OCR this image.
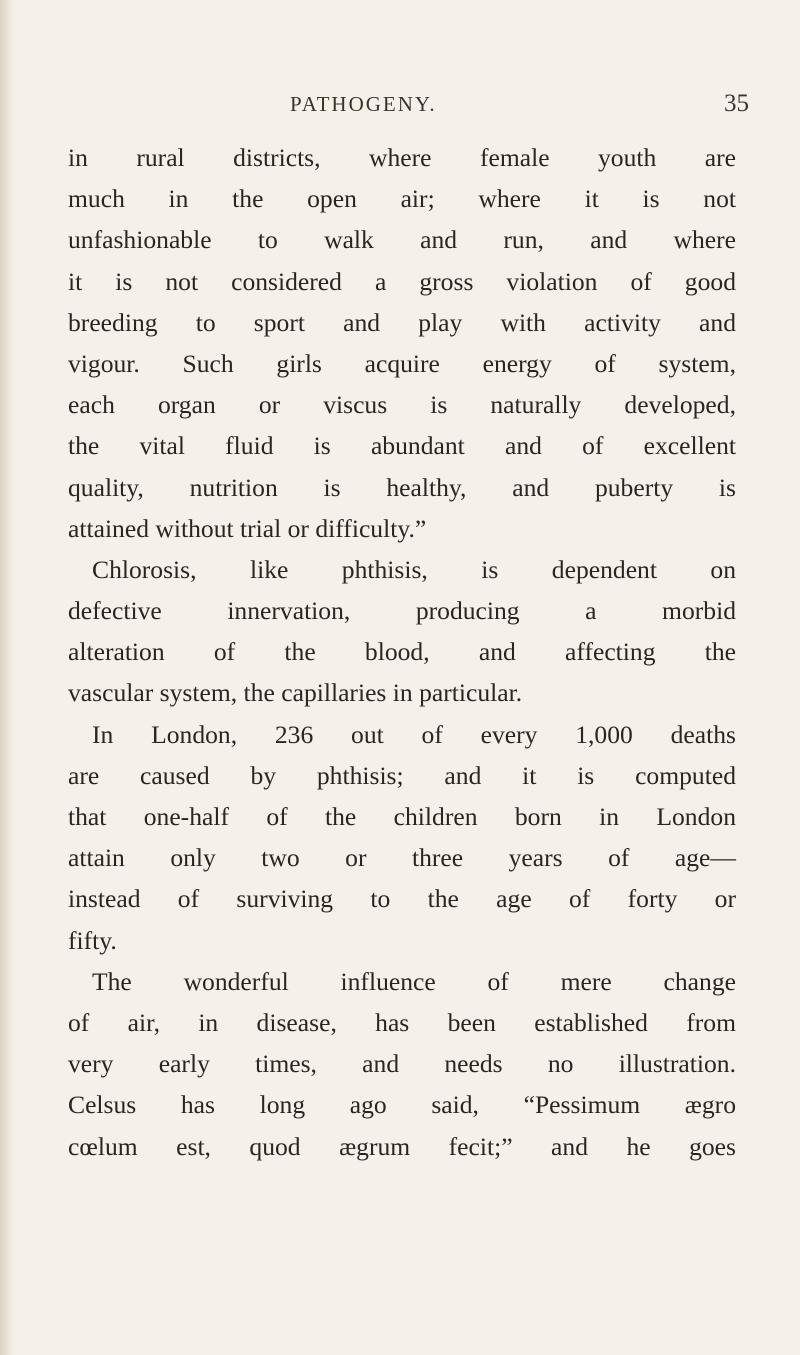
PATHOGENY.	35
in rural districts, where female youth are
much in the open air; where it is not
unfashionable to walk and run, and where
it is not considered a gross violation of good
breeding to sport and play with activity and
vigour. Such girls acquire energy of system,
each organ or viscus is naturally developed,
the vital fluid is abundant and of excellent
quality, nutrition is healthy, and puberty is
attained without trial or difficulty.”
Chlorosis, like phthisis, is dependent on
defective innervation, producing a morbid
alteration of the blood, and affecting the
vascular system, the capillaries in particular.
In London, 236 out of every 1,000 deaths
are caused by phthisis; and it is computed
that one-half of the children born in London
attain only two or three years of age—
instead of surviving to the age of forty or
fifty.
The wonderful influence of mere change
of air, in disease, has been established from
very early times, and needs no illustration.
Celsus has long ago said, “Pessimum ægro
cœlum est, quod ægrum fecit;” and he goes
